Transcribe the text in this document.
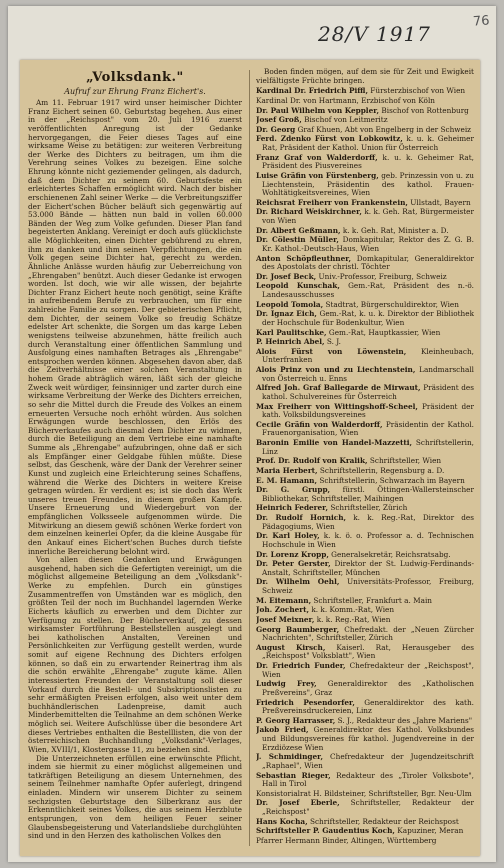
76
28/V 1917
„Volksdank."
Aufruf zur Ehrung Franz Eichert's.

Am 11. Februar 1917 wird unser heimischer Dichter Franz Eichert seinen 60. Geburtstag begehen. Aus einer in der „Reichspost" vom 20. Juli 1916 zuerst veröffentlichten Anregung ist der Gedanke hervorgegangen, die Feier dieses Tages auf eine wirksame Weise zu betätigen: zur weiteren Verbreitung der Werke des Dichters zu beitragen, um ihm die Verehrung seines Volkes zu bezeigen. Eine solche Ehrung könnte nicht geziemender gelingen, als dadurch, daß dem Dichter zu seinem 60. Geburtsfeste ein erleichtertes Schaffen ermöglicht wird. Nach der bisher erschienenen Zahl seiner Werke — die Verbreitungsziffer der Eichert'schen Bücher beläuft sich gegenwärtig auf 53.000 Bände — hätten nun bald in vollen 60.000 Bänden der Weg zum Volke gefunden. Dieser Plan fand begeisterten Anklang. Vereinigt er doch aufs glücklichste alle Möglichkeiten, einen Dichter gebührend zu ehren, ihm zu danken und ihm seinen Verpflichtungen, die ein Volk gegen seine Dichter hat, gerecht zu werden. Ähnliche Anlässe wurden häufig zur Ueberreichung von „Ehrengaben" benützt. Auch dieser Gedanke ist erwogen worden. Ist doch, wie wir alle wissen, der bejahrte Dichter Franz Eichert heute noch genötigt, seine Kräfte in aufreibendem Berufe zu verbrauchen, um für eine zahlreiche Familie zu sorgen. Der gebieterischen Pflicht, dem Dichter, der seinem Volke so freudig Schätze edelster Art schenkte, die Sorgen um das karge Leben wenigstens teilweise abzunehmen, hätte freilich auch durch Veranstaltung einer öffentlichen Sammlung und Ausfolgung eines namhaften Betrages als „Ehrengabe" entsprochen werden können. Abgesehen davon aber, daß die Zeitverhältnisse einer solchen Veranstaltung in hohem Grade abträglich wären, läßt sich der gleiche Zweck weit würdiger, feinsinniger und zarter durch eine wirksame Verbreitung der Werke des Dichters erreichen, so sehr die Mittel durch die Freude des Volkes an einem erneuerten Versuche noch erhöht würden. Aus solchen Erwägungen wurde beschlossen, den Erlös des Bücherverkaufes auch diesmal dem Dichter zu widmen, durch die Beteiligung an dem Vertriebe eine namhafte Summe als „Ehrengabe" aufzubringen, ohne daß er sich als Empfänger einer Geldgabe fühlen müßte. Diese selbst, das Geschenk, wäre der Dank der Verehrer seiner Kunst und zugleich eine Erleichterung seines Schaffens, während die Werke des Dichters in weitere Kreise getragen würden. Er verdient es; ist sie doch das Werk unseres treuen Freundes, in diesem großen Kampfe. Unsere Erneuerung und Wiedergeburt von der empfänglichen Volksseele aufgenommen würde. Die Mitwirkung an diesem gewiß schönen Werke fordert von dem einzelnen keinerlei Opfer, da die kleine Ausgabe für den Ankauf eines Eichert'schen Buches durch tiefste innerliche Bereicherung belohnt wird.

Von allen diesen Gedanken und Erwägungen ausgehend, haben sich die Gefertigten vereinigt, um die möglichst allgemeine Beteiligung an dem „Volksdank"-Werke zu empfehlen. Durch ein günstiges Zusammentreffen von Umständen war es möglich, den größten Teil der noch im Buchhandel lagernden Werke Eicherts käuflich zu erwerben und dem Dichter zur Verfügung zu stellen. Der Bücherverkauf, zu dessen wirksamster Fortführung Bestellstellen ausgelegt und bei katholischen Anstalten, Vereinen und Persönlichkeiten zur Verfügung gestellt werden, wurde somit auf eigene Rechnung des Dichters erfolgen können, so daß ein zu erwartender Reinertrag ihm als die schön erwählte „Ehrengabe" zugute käme. Allen interessierten Freunden der Veranstaltung soll dieser Vorkauf durch die Bestell- und Subskriptionslisten zu sehr ermäßigten Preisen erfolgen, also weit unter dem buchhändlerischen Ladenpreise, damit auch Minderbemittelten die Teilnahme an dem schönen Werke möglich sei. Weitere Aufschlüsse über die besondere Art dieses Vertriebes enthalten die Bestelllisten, die von der österreichischen Buchhandlung „Volksdank"-Verlages, Wien, XVIII/1, Klostergasse 11, zu beziehen sind.

Die Unterzeichneten erfüllen eine erwünschte Pflicht, indem sie hiermit zu einer möglichst allgemeinen und tatkräftigen Beteiligung an diesem Unternehmen, des seinem Teilnehmer namhafte Opfer auferlegt, dringend einladen. Mindern wir unserem Dichter zu seinem sechzigsten Geburtstage den Silberkranz aus der Erkenntlichkeit seines Volkes, die aus seinem Herzblute entsprungen, von dem heiligen Feuer seiner Glaubensbegeisterung und Vaterlandsliebe durchglühten sind und in den Herzen des katholischen Volkes den

Boden finden mögen, auf dem sie für Zeit und Ewigkeit vielfältigste Früchte bringen.

Kardinal Dr. Friedrich Piffl, Fürsterzbischof von Wien
Kardinal Dr. von Hartmann, Erzbischof von Köln
Dr. Paul Wilhelm von Keppler, Bischof von Rottenburg
Josef Groß, Bischof von Leitmeritz
Dr. Georg Graf Khuen, Abt von Engelberg in der Schweiz
Ferd. Zdenko Fürst von Lobkowitz, k. u. k. Geheimer Rat, Präsident der Kathol. Union für Österreich
Franz Graf von Walderdorff, k. u. k. Geheimer Rat, Präsident des Piusvereines
Luise Gräfin von Fürstenberg, geb. Prinzessin von u. zu Liechtenstein, Präsidentin des kathol. Frauen-Wohltätigkeitsvereines, Wien
Reichsrat Freiherr von Frankenstein, Ullstadt, Bayern
Dr. Richard Weiskirchner, k. k. Geh. Rat, Bürgermeister von Wien
Dr. Albert Geßmann, k. k. Geh. Rat, Minister a. D.
Dr. Cölestin Müller, Domkapitular, Rektor des Z. G. B. Kr. Kathol.-Deutsch-Haus, Wien
Anton Schöpfleuthner, Domkapitular, Generaldirektor des Apostolats der christl. Töchter
Dr. Josef Beck, Univ.-Professor, Freiburg, Schweiz
Leopold Kunschak, Gem.-Rat, Präsident des n.-ö. Landesausschusses
Leopold Tomola, Stadtrat, Bürgerschuldirektor, Wien
Dr. Ignaz Eich, Gem.-Rat, k. u. k. Direktor der Bibliothek der Hochschule für Bodenkultur, Wien
Karl Paulitschke, Gem.-Rat, Hauptkassier, Wien
P. Heinrich Abel, S. J.
Alois Fürst von Löwenstein, Kleinheubach, Unterfranken
Alois Prinz von und zu Liechtenstein, Landmarschall von Österreich u. Enns
Alfred Joh. Graf Ballegarde de Mirwaut, Präsident des kathol. Schulvereines für Österreich
Max Freiherr von Wittingshoff-Scheel, Präsident der kath. Volksbildungsvereines
Cecile Gräfin von Walderdorff, Präsidentin der Kathol. Frauenorganisation, Wien
Baronin Emilie von Handel-Mazzetti, Schriftstellerin, Linz
Prof. Dr. Rudolf von Kralik, Schriftsteller, Wien
Maria Herbert, Schriftstellerin, Regensburg a. D.
E. M. Hamann, Schriftstellerin, Schwarzach im Bayern
Dr. G. Grupp, fürstl. Öttingen-Wallersteinscher Bibliothekar, Schriftsteller, Maihingen
Heinrich Federer, Schriftsteller, Zürich
Dr. Rudolf Hornich, k. k. Reg.-Rat, Direktor des Pädagogiums, Wien
Dr. Karl Holey, k. k. ö. o. Professor a. d. Technischen Hochschule in Wien
Dr. Lorenz Kropp, Generalsekretär, Reichsratsabg.
Dr. Peter Gerster, Direktor der St. Ludwig-Ferdinands-Anstalt, Schriftsteller, München
Dr. Wilhelm Oehl, Universitäts-Professor, Freiburg, Schweiz
M. Eitemann, Schriftsteller, Frankfurt a. Main
Joh. Zochert, k. k. Komm.-Rat, Wien
Josef Meixner, k. k. Reg.-Rat, Wien
Georg Baumberger, Chefredakt. der „Neuen Zürcher Nachrichten", Schriftsteller, Zürich
August Kirsch, Kaiserl. Rat, Herausgeber des „Reichspost" Volksblatt", Wien
Dr. Friedrich Funder, Chefredakteur der „Reichspost", Wien
Ludwig Frey, Generaldirektor des „Katholischen Preßvereins", Graz
Friedrich Pesendorfer, Generaldirektor des kath. Preßvereinsdruckereien, Linz
P. Georg Harrasser, S. J., Redakteur des „Jahre Mariens"
Jakob Fried, Generaldirektor des Kathol. Volksbundes und Bildungsvereines für kathol. Jugendvereine in der Erzdiözese Wien
J. Schmidinger, Chefredakteur der Jugendzeitschrift „Raphael", Wien
Sebastian Rieger, Redakteur des „Tiroler Volksbote", Hall in Tirol
Konsistorialrat H. Bildsteiner, Schriftsteller, Bgr. Neu-Ulm
Dr. Josef Eberle, Schriftsteller, Redakteur der „Reichspost"
Hans Kocha, Schriftsteller, Redakteur der Reichspost
Schriftsteller P. Gaudentius Koch, Kapuziner, Meran
Pfarrer Hermann Binder, Altingen, Württemberg
